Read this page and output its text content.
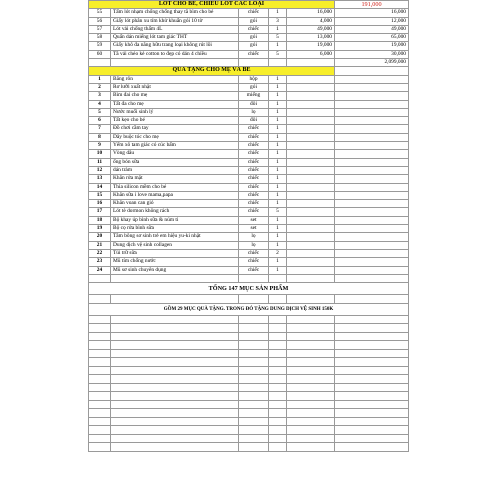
LÓT CHO BÉ, CHIẾU LÓT CÁC LOẠI					191,000
55	Tấm lót nhạm chống chống thay tã bìm cho bé	chiếc	1	16,000	16,000
56	Giấy lót phân xu tím khử khuẩn gói 10 tờ	gói	3	4,000	12,000
57	Lót vải chống thấm 4L	chiếc	1	49,000	49,000
58	Quấn dán miếng lót tam giác THT	gói	5	13,000	65,000
59	Giấy khô đa năng hữu trang loại không rút lõi	gói	1	19,000	19,000
60	Tã vải chéo kẻ cotton to đẹp có dán 4 chiều	chiếc	5	6,000	30,000
					2,099,000
QUÀ TẶNG CHO MẸ VÀ BÉ					
1	Băng rôn	hộp	1		
2	Rơ lưỡi xuất nhật	gói	1		
3	Bìm đai cho mẹ	miếng	1		
4	Tất đa cho mẹ	đôi	1		
5	Nước muối sinh lý	lọ	1		
6	Tất kẹo cho bé	đôi	1		
7	Đồ chơi cầm tay	chiếc	1		
8	Dây buộc tóc cho mẹ	chiếc	1		
9	Yếm xô tam giác có cúc bấm	chiếc	1		
10	Vòng dâu	chiếc	1		
11	ống bón sữa	chiếc	1		
12	dán tràm	chiếc	1		
13	Khăn rửa mặt	chiếc	1		
14	Thìa silicon mềm cho bé	chiếc	1		
15	Khăn sữa i love mama,papa	chiếc	1		
16	Khăn voan can gió	chiếc	1		
17	Lót tè dormon không rách	chiếc	5		
18	Bộ khay úp bình sữa & núm ti	set	1		
19	Bộ cọ rửa bình sữa	set	1		
20	Tăm bông sơ sinh trẻ em hiệu yu-ki nhật	lọ	1		
21	Dung dịch vệ sinh collagen	lọ	1		
22	Túi trữ sữa	chiếc	2		
23	Mũ tím chống nước	chiếc	1		
24	Mũ sơ sinh chuyên dụng	chiếc	1		

TỔNG 147 MỤC SẢN PHẨM					

GỒM 29 MỤC QUÀ TẶNG. TRONG ĐÓ TẶNG DUNG DỊCH VỆ SINH 150K					
